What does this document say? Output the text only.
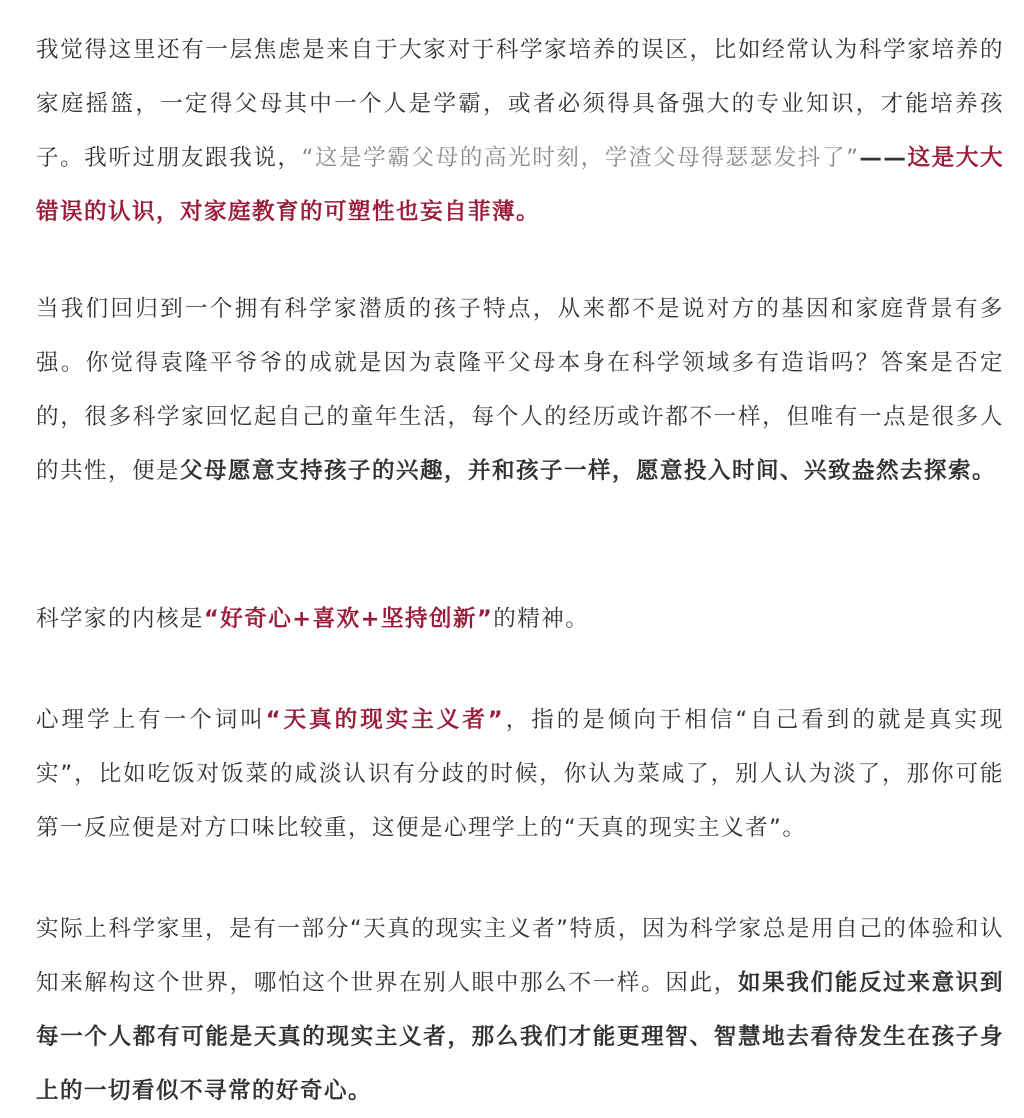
我觉得这里还有一层焦虑是来自于大家对于科学家培养的误区，比如经常认为科学家培养的家庭摇篮，一定得父母其中一个人是学霸，或者必须得具备强大的专业知识，才能培养孩子。我听过朋友跟我说，“这是学霸父母的高光时刻，学渣父母得瑟瑟发抖了”——这是大大错误的认识，对家庭教育的可塑性也妄自菲薄。

当我们回归到一个拥有科学家潜质的孩子特点，从来都不是说对方的基因和家庭背景有多强。你觉得袁隆平爷爷的成就是因为袁隆平父母本身在科学领域多有造诣吗？答案是否定的，很多科学家回忆起自己的童年生活，每个人的经历或许都不一样，但唯有一点是很多人的共性，便是父母愿意支持孩子的兴趣，并和孩子一样，愿意投入时间、兴致盎然去探索。

科学家的内核是“好奇心+喜欢+坚持创新”的精神。

心理学上有一个词叫“天真的现实主义者”，指的是倾向于相信“自己看到的就是真实现实”，比如吃饭对饭菜的咸淡认识有分歧的时候，你认为菜咸了，别人认为淡了，那你可能第一反应便是对方口味比较重，这便是心理学上的“天真的现实主义者”。

实际上科学家里，是有一部分“天真的现实主义者”特质，因为科学家总是用自己的体验和认知来解构这个世界，哪怕这个世界在别人眼中那么不一样。因此，如果我们能反过来意识到每一个人都有可能是天真的现实主义者，那么我们才能更理智、智慧地去看待发生在孩子身上的一切看似不寻常的好奇心。
